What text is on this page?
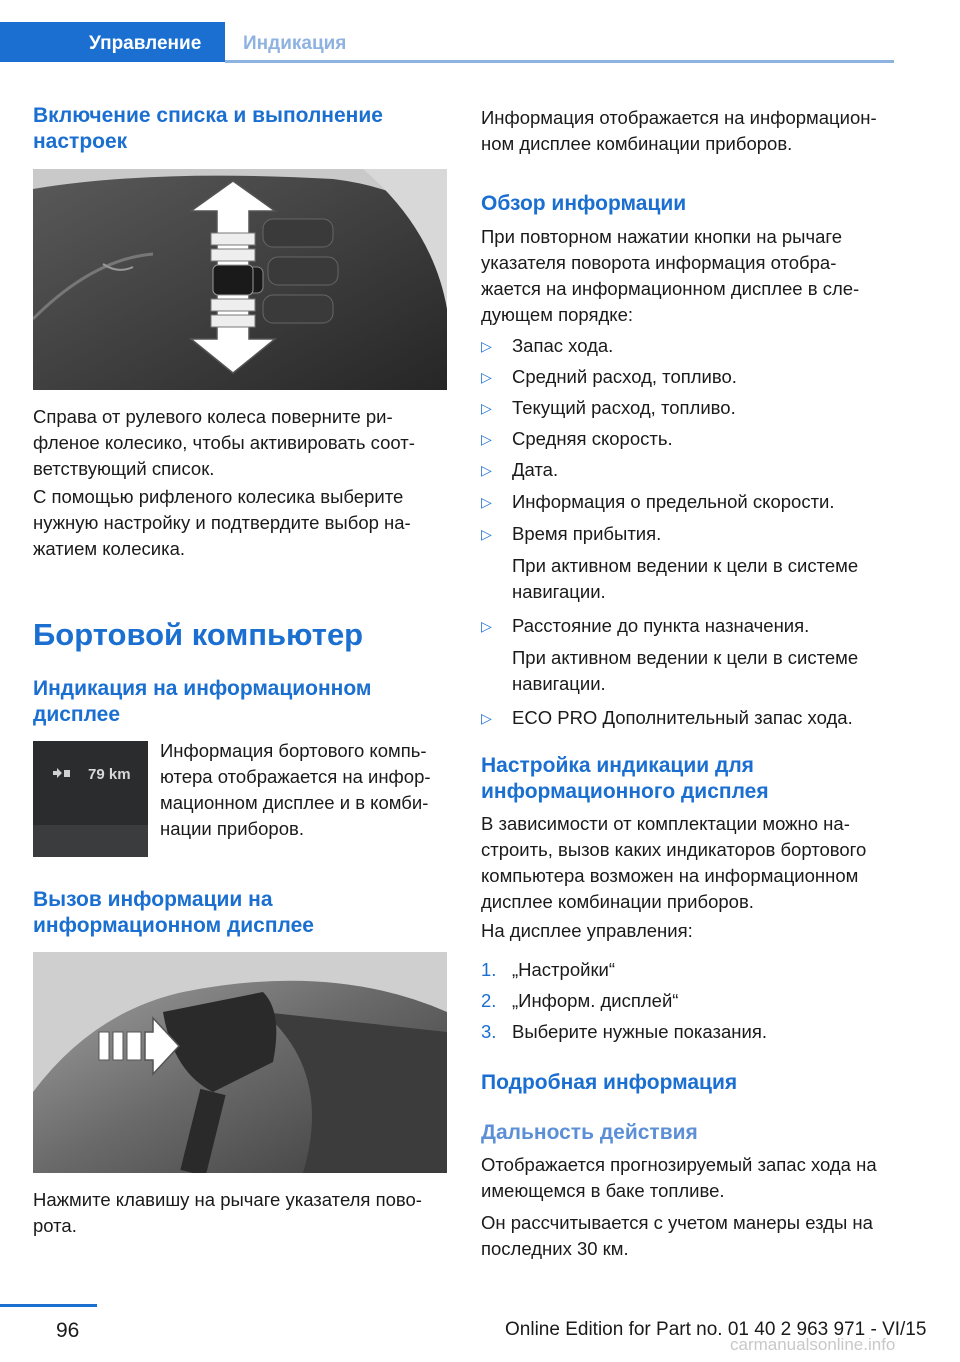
Управление Индикация
Включение списка и выполнение настроек
Справа от рулевого колеса поверните ри‐фленое колесико, чтобы активировать соот‐ветствующий список.
С помощью рифленого колесика выберите нужную настройку и подтвердите выбор на‐жатием колесика.
Бортовой компьютер
Индикация на информационном дисплее
79 km
Информация бортового компь‐ютера отображается на инфор‐мационном дисплее и в комби‐нации приборов.
Вызов информации на информационном дисплее
Нажмите клавишу на рычаге указателя пово‐рота.
Информация отображается на информацион‐ном дисплее комбинации приборов.
Обзор информации
При повторном нажатии кнопки на рычаге указателя поворота информация отобра‐жается на информационном дисплее в сле‐дующем порядке:
▷ Запас хода.
▷ Средний расход, топливо.
▷ Текущий расход, топливо.
▷ Средняя скорость.
▷ Дата.
▷ Информация о предельной скорости.
▷ Время прибытия.
При активном ведении к цели в системе навигации.
▷ Расстояние до пункта назначения.
При активном ведении к цели в системе навигации.
▷ ECO PRO Дополнительный запас хода.
Настройка индикации для информационного дисплея
В зависимости от комплектации можно на‐строить, вызов каких индикаторов бортового компьютера возможен на информационном дисплее комбинации приборов.
На дисплее управления:
1. „Настройки“
2. „Информ. дисплей“
3. Выберите нужные показания.
Подробная информация
Дальность действия
Отображается прогнозируемый запас хода на имеющемся в баке топливе.
Он рассчитывается с учетом манеры езды на последних 30 км.
96	Online Edition for Part no. 01 40 2 963 971 - VI/15
carmanualsonline.info
